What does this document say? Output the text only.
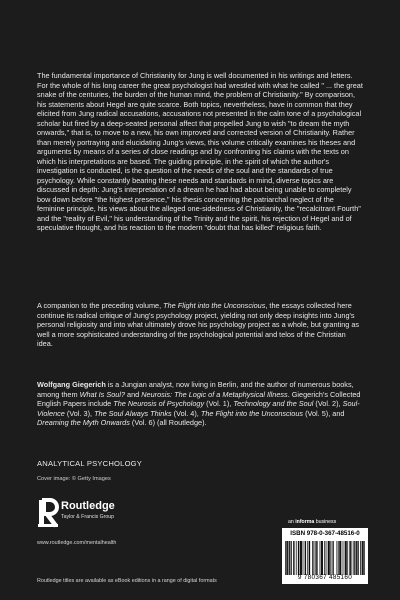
The fundamental importance of Christianity for Jung is well documented in his writings and letters. For the whole of his long career the great psychologist had wrestled with what he called " ... the great snake of the centuries, the burden of the human mind, the problem of Christianity." By comparison, his statements about Hegel are quite scarce. Both topics, nevertheless, have in common that they elicited from Jung radical accusations, accusations not presented in the calm tone of a psychological scholar but fired by a deep-seated personal affect that propelled Jung to wish "to dream the myth onwards," that is, to move to a new, his own improved and corrected version of Christianity. Rather than merely portraying and elucidating Jung's views, this volume critically examines his theses and arguments by means of a series of close readings and by confronting his claims with the texts on which his interpretations are based. The guiding principle, in the spirit of which the author's investigation is conducted, is the question of the needs of the soul and the standards of true psychology. While constantly bearing these needs and standards in mind, diverse topics are discussed in depth: Jung's interpretation of a dream he had had about being unable to completely bow down before "the highest presence," his thesis concerning the patriarchal neglect of the feminine principle, his views about the alleged one-sidedness of Christianity, the "recalcitrant Fourth" and the "reality of Evil," his understanding of the Trinity and the spirit, his rejection of Hegel and of speculative thought, and his reaction to the modern "doubt that has killed" religious faith.

A companion to the preceding volume, The Flight into the Unconscious, the essays collected here continue its radical critique of Jung's psychology project, yielding not only deep insights into Jung's personal religiosity and into what ultimately drove his psychology project as a whole, but granting as well a more sophisticated understanding of the psychological potential and telos of the Christian idea.

Wolfgang Giegerich is a Jungian analyst, now living in Berlin, and the author of numerous books, among them What Is Soul? and Neurosis: The Logic of a Metaphysical Illness. Giegerich's Collected English Papers include The Neurosis of Psychology (Vol. 1), Technology and the Soul (Vol. 2), Soul-Violence (Vol. 3), The Soul Always Thinks (Vol. 4), The Flight into the Unconscious (Vol. 5), and Dreaming the Myth Onwards (Vol. 6) (all Routledge).

ANALYTICAL PSYCHOLOGY
Cover image: © Getty Images
Routledge
Taylor & Francis Group
www.routledge.com/mentalhealth
Routledge titles are available as eBook editions in a range of digital formats
an informa business
ISBN 978-0-367-48516-0
9 780367 485160
